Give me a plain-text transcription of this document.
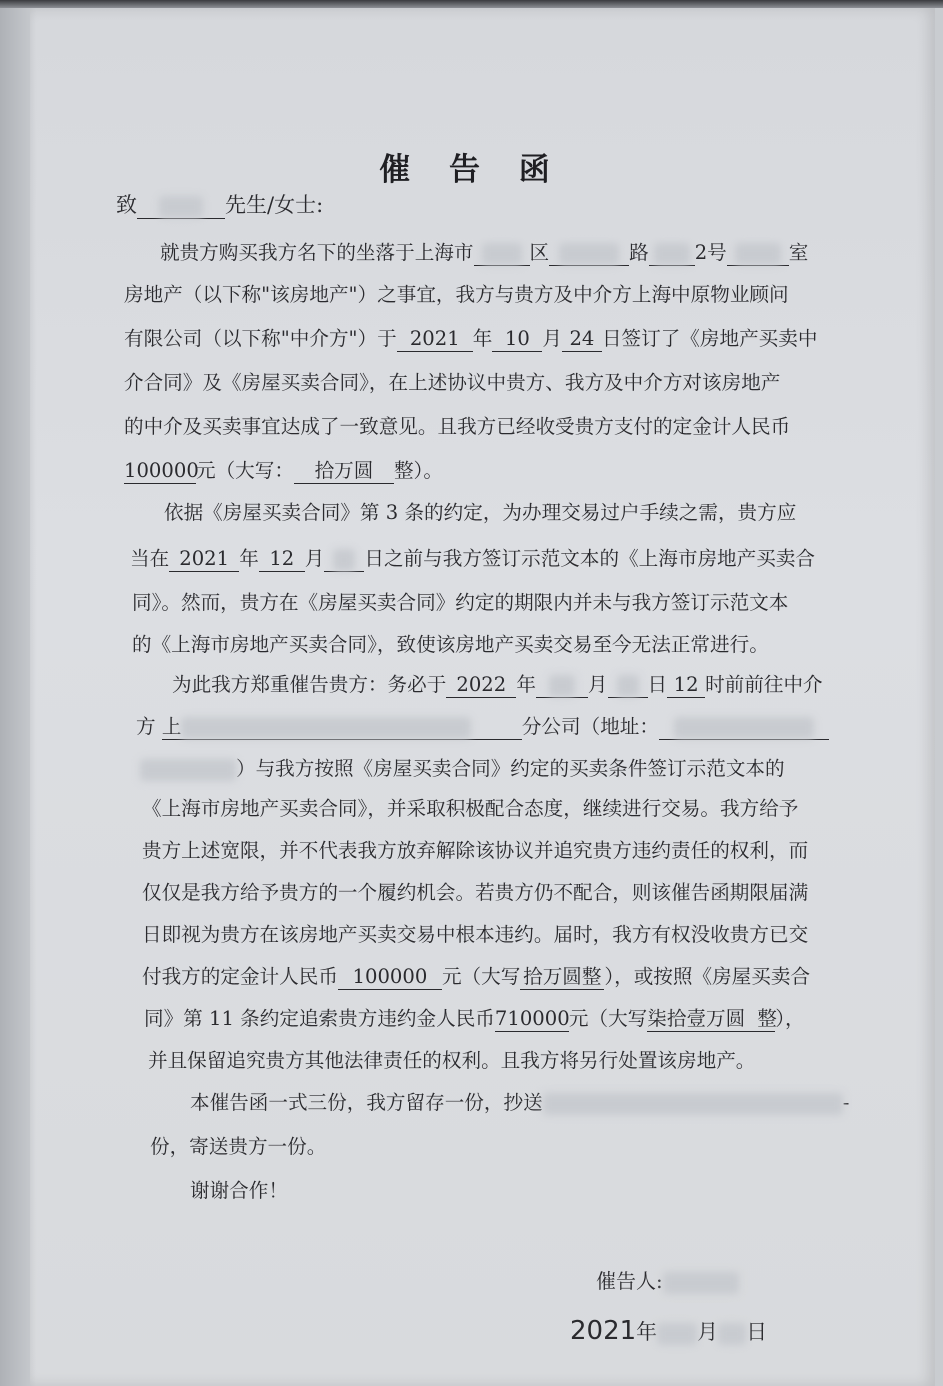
催 告 函
致	先生/女士:
就贵方购买我方名下的坐落于上海市	区	路 2号	室
房地产（以下称"该房地产"）之事宜，我方与贵方及中介方上海中原物业顾问
有限公司（以下称"中介方"）于 2021 年 10 月 24 日签订了《房地产买卖中
介合同》及《房屋买卖合同》，在上述协议中贵方、我方及中介方对该房地产
的中介及买卖事宜达成了一致意见。且我方已经收受贵方支付的定金计人民币
100000元（大写： 拾万圆 整）。
依据《房屋买卖合同》第 3 条的约定，为办理交易过户手续之需，贵方应
当在 2021 年 12 月 日之前与我方签订示范文本的《上海市房地产买卖合
同》。然而，贵方在《房屋买卖合同》约定的期限内并未与我方签订示范文本
的《上海市房地产买卖合同》，致使该房地产买卖交易至今无法正常进行。
为此我方郑重催告贵方：务必于 2022 年	月 日 12 时前前往中介
方 上	分公司（地址：
）与我方按照《房屋买卖合同》约定的买卖条件签订示范文本的
《上海市房地产买卖合同》，并采取积极配合态度，继续进行交易。我方给予
贵方上述宽限，并不代表我方放弃解除该协议并追究贵方违约责任的权利，而
仅仅是我方给予贵方的一个履约机会。若贵方仍不配合，则该催告函期限届满
日即视为贵方在该房地产买卖交易中根本违约。届时，我方有权没收贵方已交
付我方的定金计人民币 100000 元（大写 拾万圆整 ），或按照《房屋买卖合
同》第 11 条约定追索贵方违约金人民币710000元（大写柒拾壹万圆 整），
并且保留追究贵方其他法律责任的权利。且我方将另行处置该房地产。
本催告函一式三份，我方留存一份，抄送	-
份，寄送贵方一份。
谢谢合作！
催告人:
2021年 月 日
